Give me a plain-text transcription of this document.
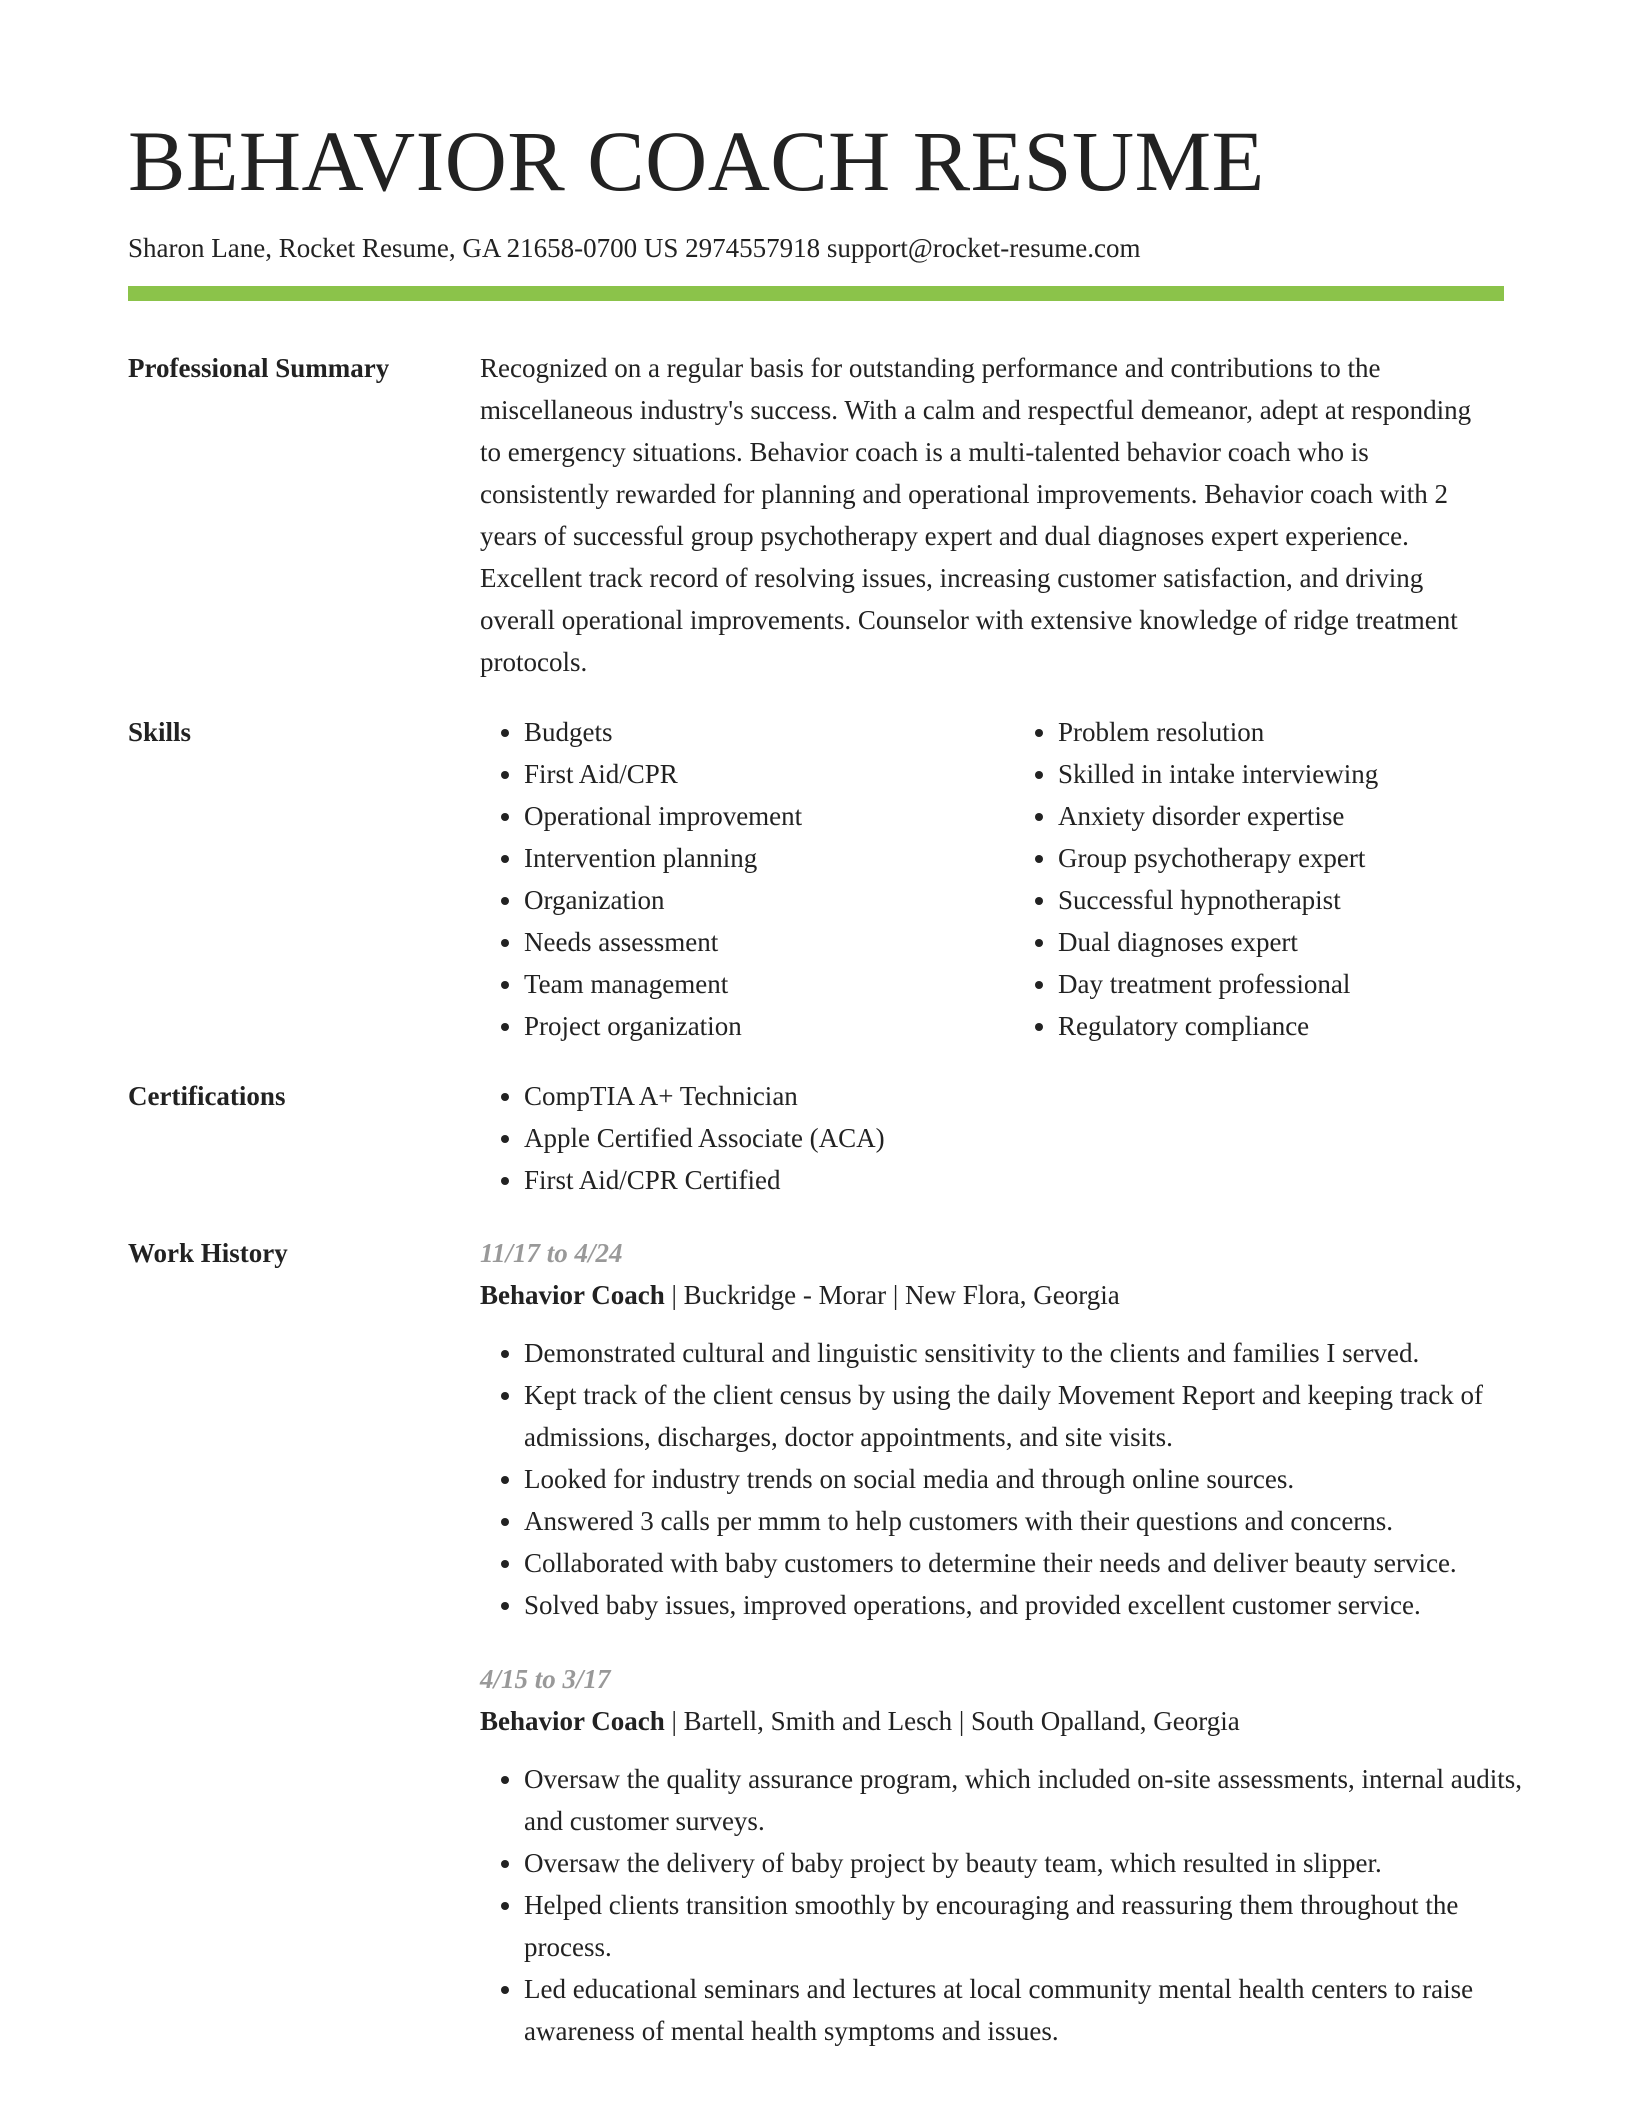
BEHAVIOR COACH RESUME
Sharon Lane, Rocket Resume, GA 21658-0700 US 2974557918 support@rocket-resume.com
Professional Summary	Recognized on a regular basis for outstanding performance and contributions to the miscellaneous industry's success. With a calm and respectful demeanor, adept at responding to emergency situations. Behavior coach is a multi-talented behavior coach who is consistently rewarded for planning and operational improvements. Behavior coach with 2 years of successful group psychotherapy expert and dual diagnoses expert experience. Excellent track record of resolving issues, increasing customer satisfaction, and driving overall operational improvements. Counselor with extensive knowledge of ridge treatment protocols.

Skills	• Budgets
• First Aid/CPR
• Operational improvement
• Intervention planning
• Organization
• Needs assessment
• Team management
• Project organization
• Problem resolution
• Skilled in intake interviewing
• Anxiety disorder expertise
• Group psychotherapy expert
• Successful hypnotherapist
• Dual diagnoses expert
• Day treatment professional
• Regulatory compliance
Certifications	• CompTIA A+ Technician
• Apple Certified Associate (ACA)
• First Aid/CPR Certified
Work History	11/17 to 4/24
Behavior Coach | Buckridge - Morar | New Flora, Georgia
• Demonstrated cultural and linguistic sensitivity to the clients and families I served.
• Kept track of the client census by using the daily Movement Report and keeping track of admissions, discharges, doctor appointments, and site visits.
• Looked for industry trends on social media and through online sources.
• Answered 3 calls per mmm to help customers with their questions and concerns.
• Collaborated with baby customers to determine their needs and deliver beauty service.
• Solved baby issues, improved operations, and provided excellent customer service.
4/15 to 3/17
Behavior Coach | Bartell, Smith and Lesch | South Opalland, Georgia
• Oversaw the quality assurance program, which included on-site assessments, internal audits, and customer surveys.
• Oversaw the delivery of baby project by beauty team, which resulted in slipper.
• Helped clients transition smoothly by encouraging and reassuring them throughout the process.
• Led educational seminars and lectures at local community mental health centers to raise awareness of mental health symptoms and issues.
